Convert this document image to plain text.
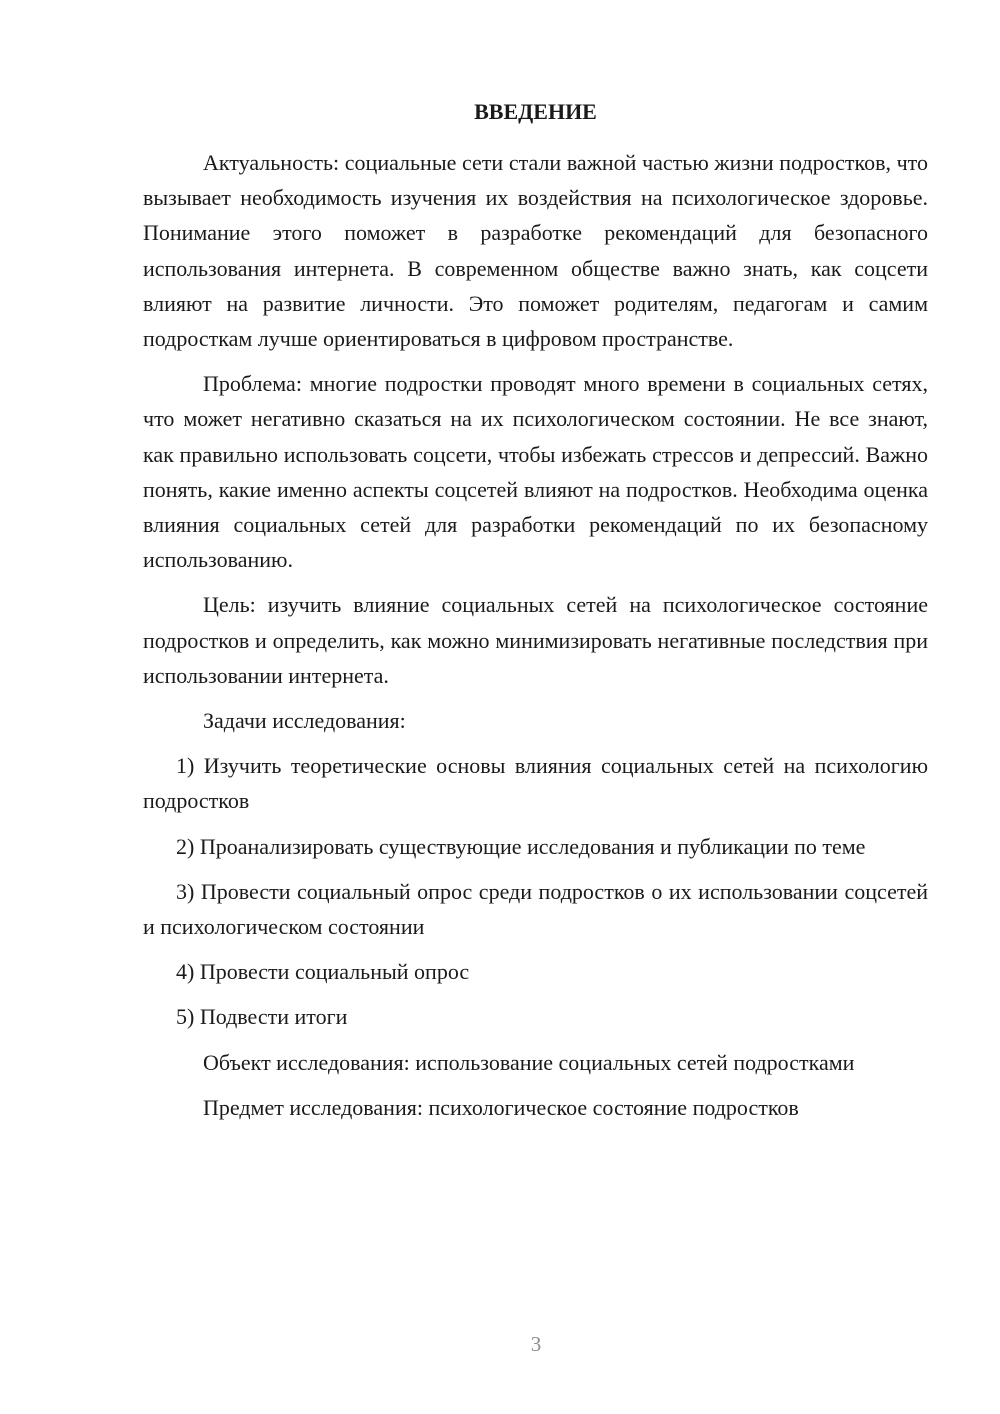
ВВЕДЕНИЕ

Актуальность: социальные сети стали важной частью жизни подростков, что вызывает необходимость изучения их воздействия на психологическое здоровье. Понимание этого поможет в разработке рекомендаций для безопасного использования интернета. В современном обществе важно знать, как соцсети влияют на развитие личности. Это поможет родителям, педагогам и самим подросткам лучше ориентироваться в цифровом пространстве.

Проблема: многие подростки проводят много времени в социальных сетях, что может негативно сказаться на их психологическом состоянии. Не все знают, как правильно использовать соцсети, чтобы избежать стрессов и депрессий. Важно понять, какие именно аспекты соцсетей влияют на подростков. Необходима оценка влияния социальных сетей для разработки рекомендаций по их безопасному использованию.

Цель: изучить влияние социальных сетей на психологическое состояние подростков и определить, как можно минимизировать негативные последствия при использовании интернета.

Задачи исследования:

1) Изучить теоретические основы влияния социальных сетей на психологию подростков

2) Проанализировать существующие исследования и публикации по теме

3) Провести социальный опрос среди подростков о их использовании соцсетей и психологическом состоянии

4) Провести социальный опрос

5) Подвести итоги

Объект исследования: использование социальных сетей подростками

Предмет исследования: психологическое состояние подростков

3
